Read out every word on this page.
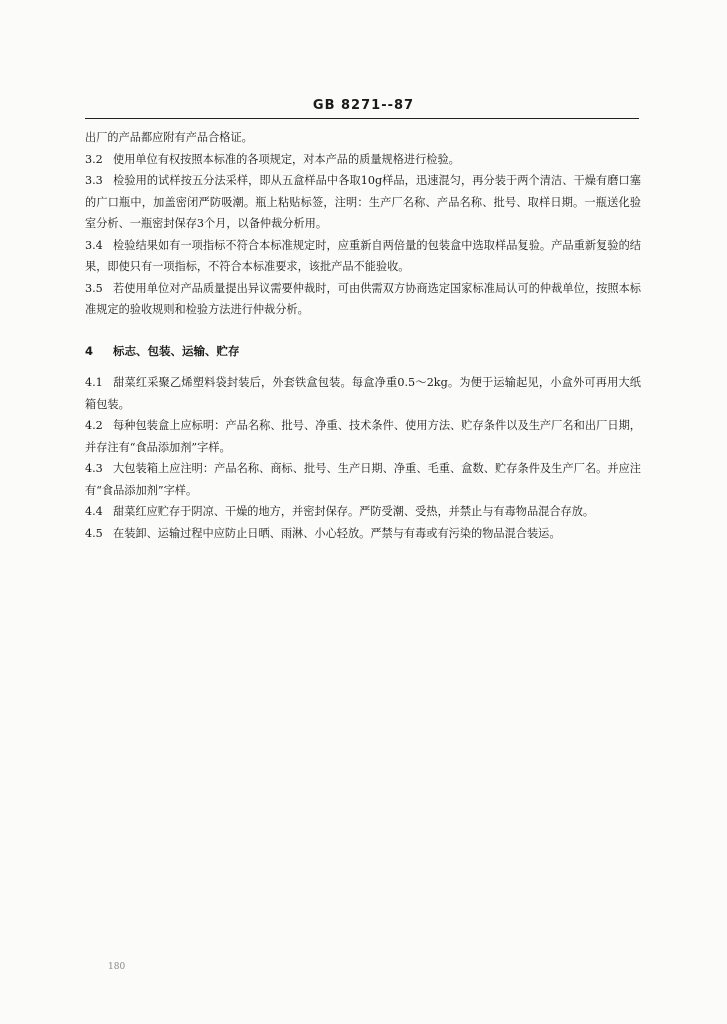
GB 8271--87

出厂的产品都应附有产品合格证。

3.2 使用单位有权按照本标准的各项规定，对本产品的质量规格进行检验。

3.3 检验用的试样按五分法采样，即从五盒样品中各取10g样品，迅速混匀，再分装于两个清洁、干燥有磨口塞的广口瓶中，加盖密闭严防吸潮。瓶上粘贴标签，注明：生产厂名称、产品名称、批号、取样日期。一瓶送化验室分析、一瓶密封保存3个月，以备仲裁分析用。

3.4 检验结果如有一项指标不符合本标准规定时，应重新自两倍量的包装盒中选取样品复验。产品重新复验的结果，即使只有一项指标，不符合本标准要求，该批产品不能验收。

3.5 若使用单位对产品质量提出异议需要仲裁时，可由供需双方协商选定国家标准局认可的仲裁单位，按照本标准规定的验收规则和检验方法进行仲裁分析。

4 标志、包装、运输、贮存

4.1 甜菜红采聚乙烯塑料袋封装后，外套铁盒包装。每盒净重0.5～2kg。为便于运输起见，小盒外可再用大纸箱包装。

4.2 每种包装盒上应标明：产品名称、批号、净重、技术条件、使用方法、贮存条件以及生产厂名和出厂日期，并存注有“食品添加剂”字样。

4.3 大包装箱上应注明：产品名称、商标、批号、生产日期、净重、毛重、盒数、贮存条件及生产厂名。并应注有“食品添加剂”字样。

4.4 甜菜红应贮存于阴凉、干燥的地方，并密封保存。严防受潮、受热，并禁止与有毒物品混合存放。

4.5 在装卸、运输过程中应防止日晒、雨淋、小心轻放。严禁与有毒或有污染的物品混合装运。

180
